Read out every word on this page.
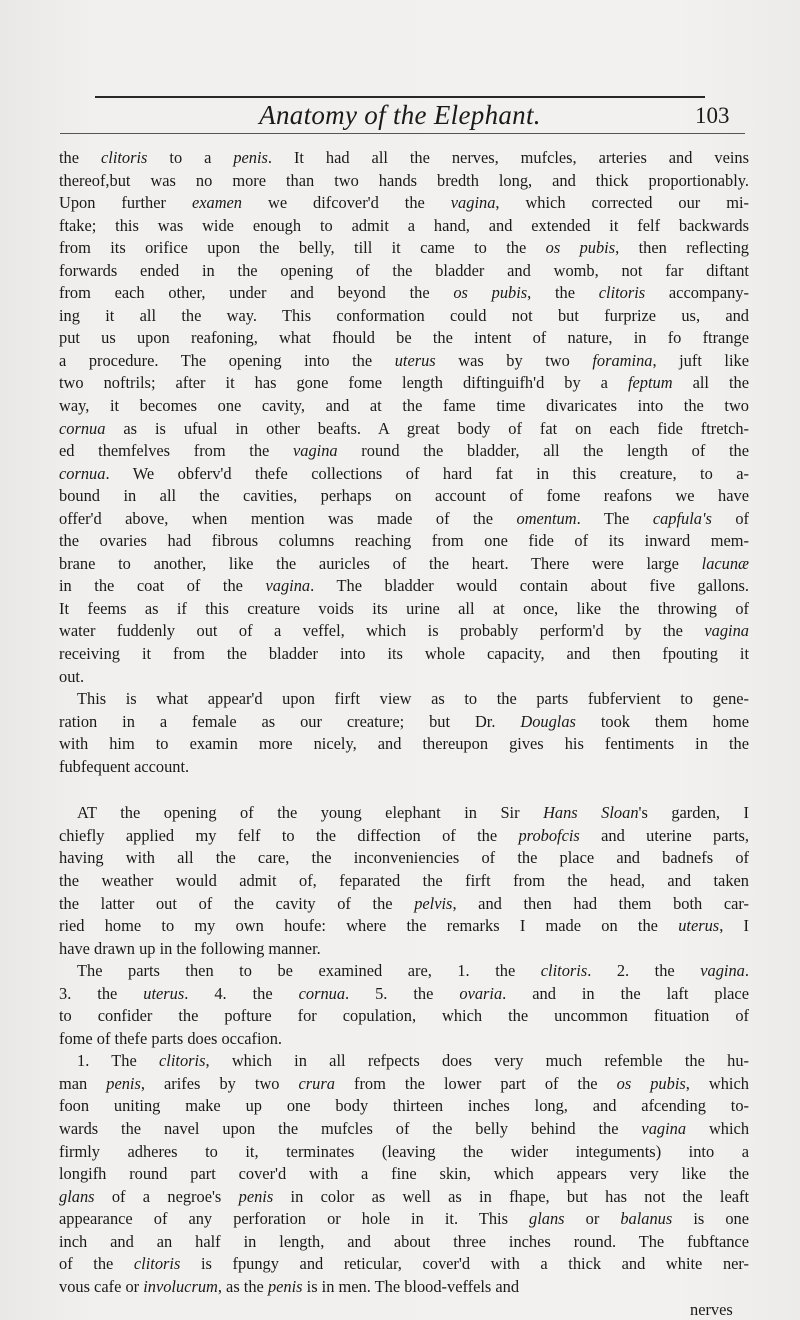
Anatomy of the Elephant.	103

the clitoris to a penis. It had all the nerves, mufcles, arteries and veins

thereof,but was no more than two hands bredth long, and thick proportionably.

Upon further examen we difcover'd the vagina, which corrected our mi-

ftake; this was wide enough to admit a hand, and extended it felf backwards

from its orifice upon the belly, till it came to the os pubis, then reflecting

forwards ended in the opening of the bladder and womb, not far diftant

from each other, under and beyond the os pubis, the clitoris accompany-

ing it all the way. This conformation could not but furprize us, and

put us upon reafoning, what fhould be the intent of nature, in fo ftrange

a procedure. The opening into the uterus was by two foramina, juft like

two noftrils; after it has gone fome length diftinguifh'd by a feptum all the

way, it becomes one cavity, and at the fame time divaricates into the two

cornua as is ufual in other beafts. A great body of fat on each fide ftretch-

ed themfelves from the vagina round the bladder, all the length of the

cornua. We obferv'd thefe collections of hard fat in this creature, to a-

bound in all the cavities, perhaps on account of fome reafons we have

offer'd above, when mention was made of the omentum. The capfula's of

the ovaries had fibrous columns reaching from one fide of its inward mem-

brane to another, like the auricles of the heart. There were large lacunæ

in the coat of the vagina. The bladder would contain about five gallons.

It feems as if this creature voids its urine all at once, like the throwing of

water fuddenly out of a veffel, which is probably perform'd by the vagina

receiving it from the bladder into its whole capacity, and then fpouting it

out.

This is what appear'd upon firft view as to the parts fubfervient to gene-

ration in a female as our creature; but Dr. Douglas took them home

with him to examin more nicely, and thereupon gives his fentiments in the

fubfequent account.

AT the opening of the young elephant in Sir Hans Sloan's garden, I

chiefly applied my felf to the diffection of the probofcis and uterine parts,

having with all the care, the inconveniencies of the place and badnefs of

the weather would admit of, feparated the firft from the head, and taken

the latter out of the cavity of the pelvis, and then had them both car-

ried home to my own houfe: where the remarks I made on the uterus, I

have drawn up in the following manner.

The parts then to be examined are, 1. the clitoris. 2. the vagina.

3. the uterus. 4. the cornua. 5. the ovaria. and in the laft place

to confider the pofture for copulation, which the uncommon fituation of

fome of thefe parts does occafion.

1. The clitoris, which in all refpects does very much refemble the hu-

man penis, arifes by two crura from the lower part of the os pubis, which

foon uniting make up one body thirteen inches long, and afcending to-

wards the navel upon the mufcles of the belly behind the vagina which

firmly adheres to it, terminates (leaving the wider integuments) into a

longifh round part cover'd with a fine skin, which appears very like the

glans of a negroe's penis in color as well as in fhape, but has not the leaft

appearance of any perforation or hole in it. This glans or balanus is one

inch and an half in length, and about three inches round. The fubftance

of the clitoris is fpungy and reticular, cover'd with a thick and white ner-

vous cafe or involucrum, as the penis is in men. The blood-veffels and

nerves
